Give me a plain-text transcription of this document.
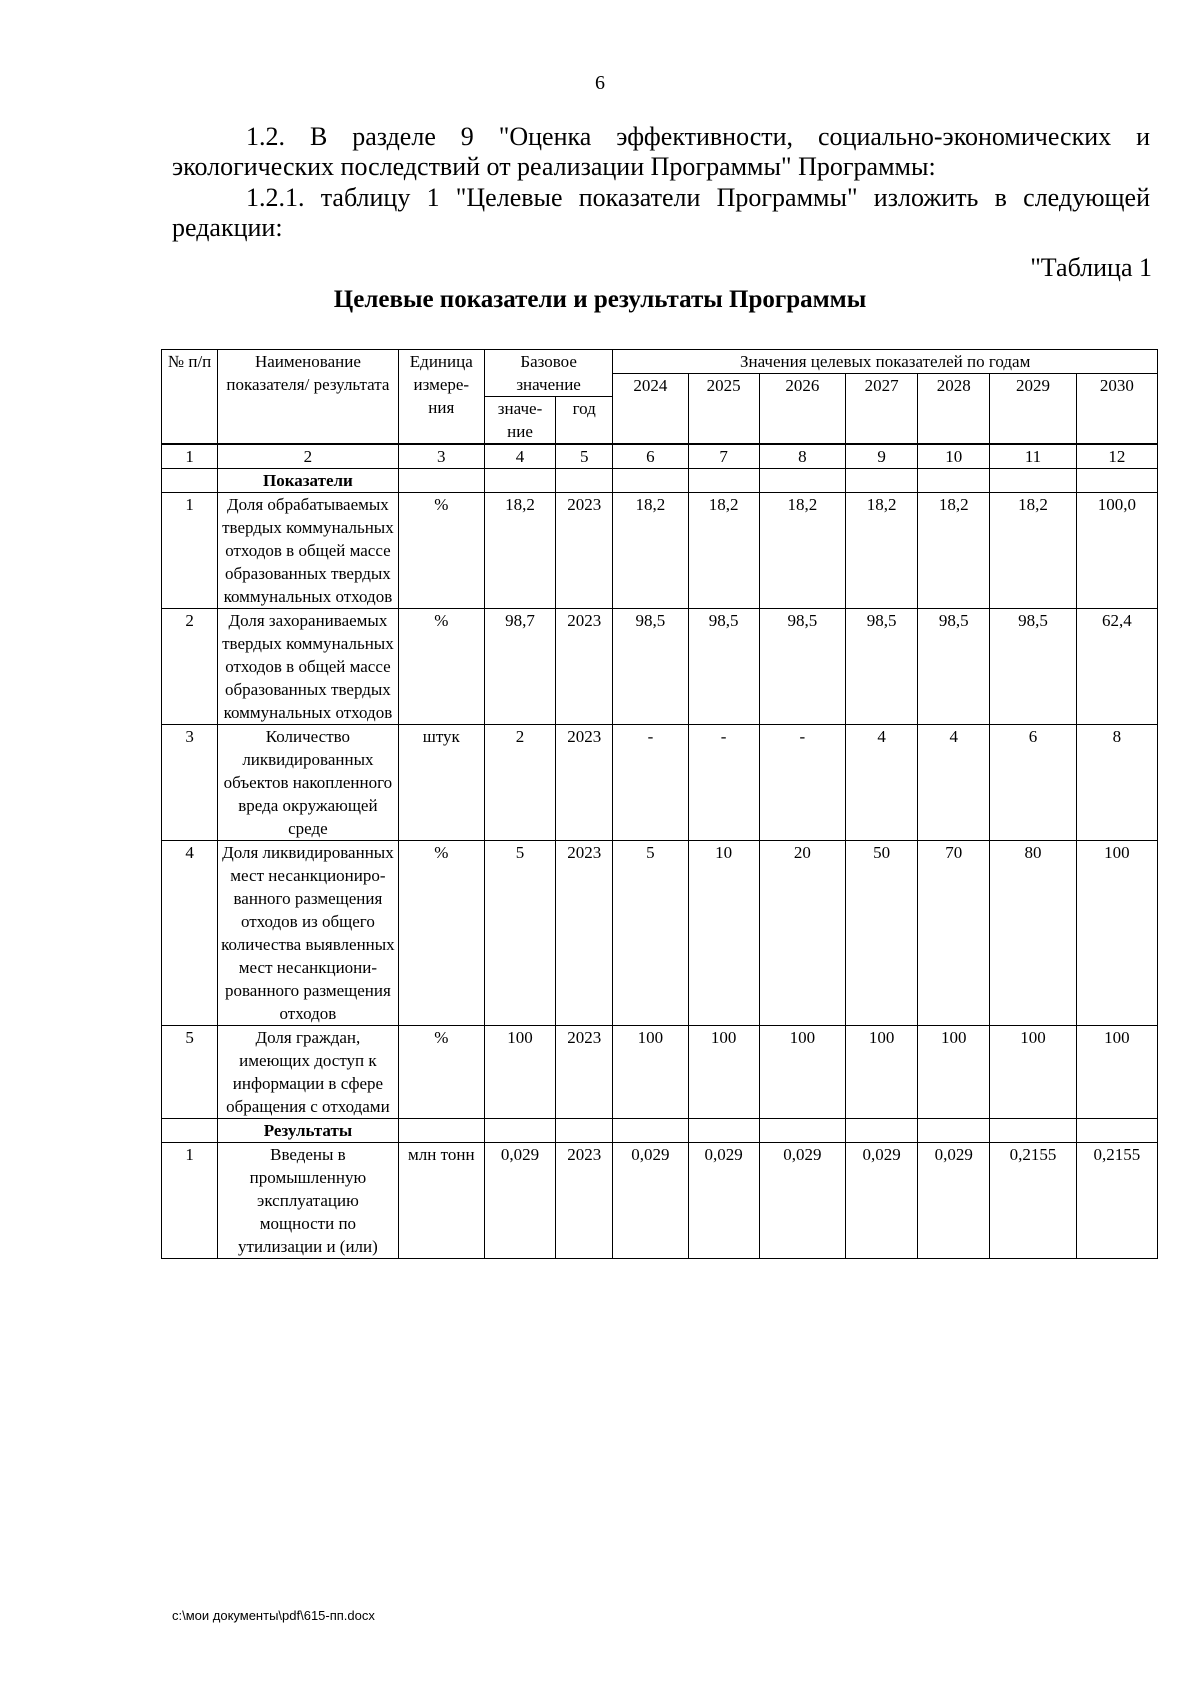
6
1.2. В разделе 9 "Оценка эффективности, социально-экономических и экологических последствий от реализации Программы" Программы:
1.2.1. таблицу 1 "Целевые показатели Программы" изложить в следующей редакции:
"Таблица 1
Целевые показатели и результаты Программы
№ п/п	Наименование показателя/ результата	Единица измере-ния	Базовое значение		Значения целевых показателей по годам						
					2024	2025	2026	2027	2028	2029	2030
			значе-ние	год							
1	2	3	4	5	6	7	8	9	10	11	12
	Показатели										
1	Доля обрабатываемых твердых коммунальных отходов в общей массе образованных твердых коммунальных отходов	%	18,2	2023	18,2	18,2	18,2	18,2	18,2	18,2	100,0
2	Доля захораниваемых твердых коммунальных отходов в общей массе образованных твердых коммунальных отходов	%	98,7	2023	98,5	98,5	98,5	98,5	98,5	98,5	62,4
3	Количество ликвидированных объектов накопленного вреда окружающей среде	штук	2	2023	-	-	-	4	4	6	8
4	Доля ликвидированных мест несанкциониро-ванного размещения отходов из общего количества выявленных мест несанкциони-рованного размещения отходов	%	5	2023	5	10	20	50	70	80	100
5	Доля граждан, имеющих доступ к информации в сфере обращения с отходами	%	100	2023	100	100	100	100	100	100	100
	Результаты										
1	Введены в промышленную эксплуатацию мощности по утилизации и (или)	млн тонн	0,029	2023	0,029	0,029	0,029	0,029	0,029	0,2155	0,2155
c:\мои документы\pdf\615-пп.docx
